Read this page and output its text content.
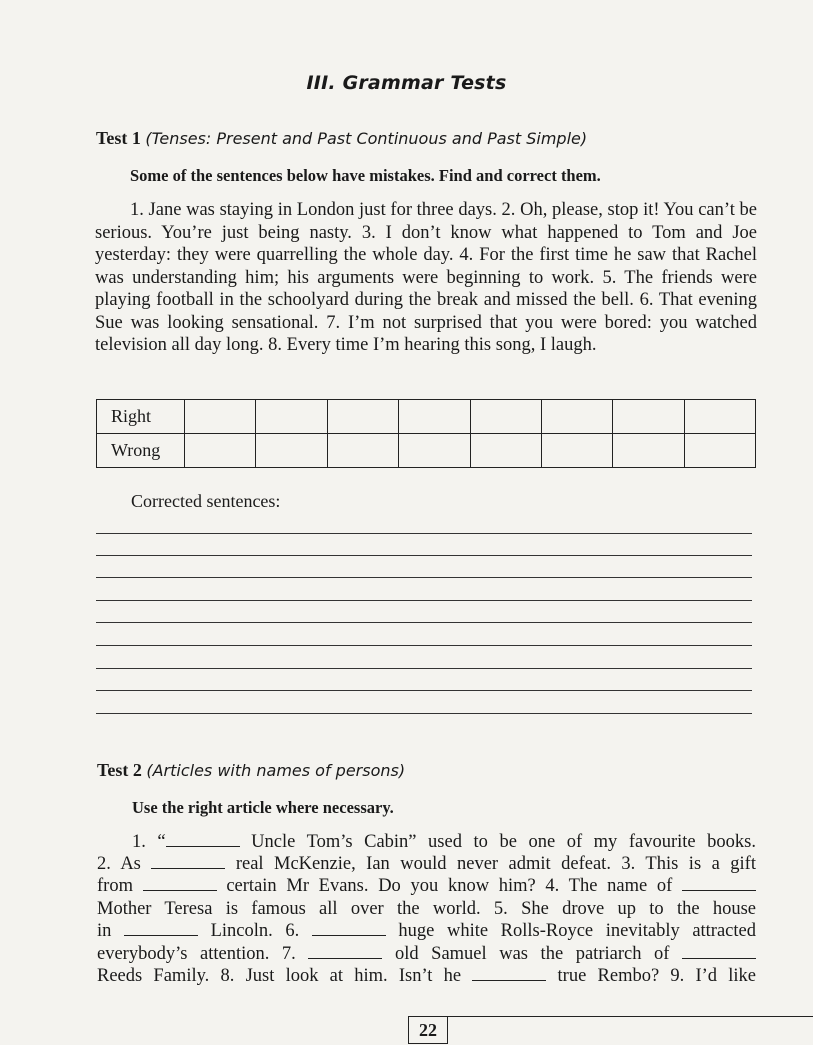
III. Grammar Tests
Test 1 (Tenses: Present and Past Continuous and Past Simple)
Some of the sentences below have mistakes. Find and correct them.
1. Jane was staying in London just for three days. 2. Oh, please, stop it! You can’t be serious. You’re just being nasty. 3. I don’t know what happened to Tom and Joe yesterday: they were quarrelling the whole day. 4. For the first time he saw that Rachel was understanding him; his arguments were beginning to work. 5. The friends were playing football in the schoolyard during the break and missed the bell. 6. That evening Sue was looking sensational. 7. I’m not surprised that you were bored: you watched television all day long. 8. Every time I’m hearing this song, I laugh.
Right								
Wrong								
Corrected sentences:
Test 2 (Articles with names of persons)
Use the right article where necessary.
1. “	Uncle Tom’s Cabin” used to be one of my favourite books.
2. As	real McKenzie, Ian would never admit defeat. 3. This is a gift
from	certain Mr Evans. Do you know him? 4. The name of
Mother Teresa is famous all over the world. 5. She drove up to the house
in	Lincoln. 6.	huge white Rolls-Royce inevitably attracted
everybody’s attention. 7.	old Samuel was the patriarch of
Reeds Family. 8. Just look at him. Isn’t he	true Rembo? 9. I’d like
22
